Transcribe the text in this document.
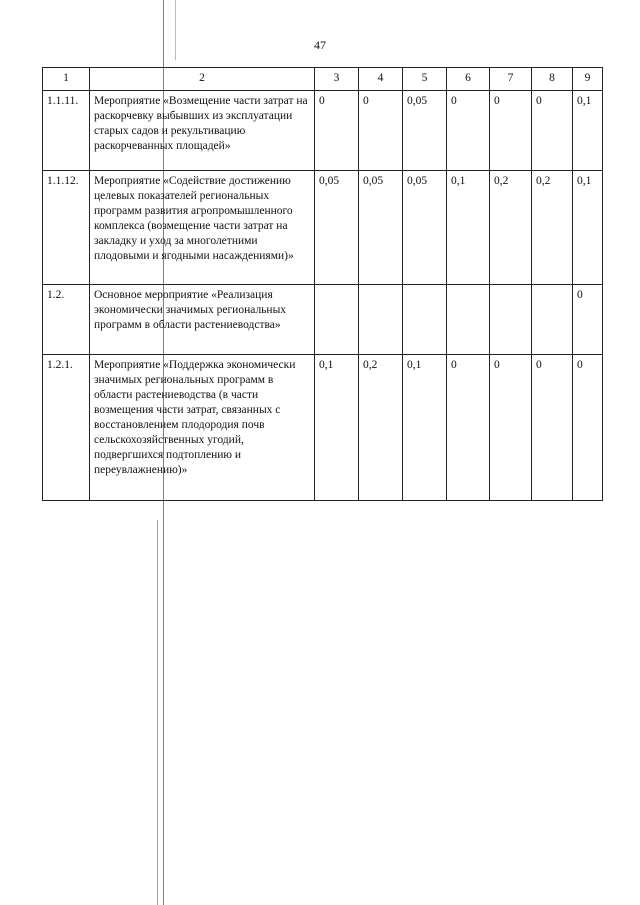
47
1	2	3	4	5	6	7	8	9
1.1.11.	Мероприятие «Возмещение части затрат на раскорчевку выбывших из эксплуатации старых садов и рекультивацию раскорчеванных площадей»	0	0	0,05	0	0	0	0,1
1.1.12.	Мероприятие «Содействие достижению целевых показателей региональных программ развития агропромышленного комплекса (возмещение части затрат на закладку и уход за многолетними плодовыми и ягодными насаждениями)»	0,05	0,05	0,05	0,1	0,2	0,2	0,1
1.2.	Основное мероприятие «Реализация экономически значимых региональных программ в области растениеводства»							0
1.2.1.	Мероприятие «Поддержка экономически значимых региональных программ в области растениеводства (в части возмещения части затрат, связанных с восстановлением плодородия почв сельскохозяйственных угодий, подвергшихся подтоплению и переувлажнению)»	0,1	0,2	0,1	0	0	0	0
